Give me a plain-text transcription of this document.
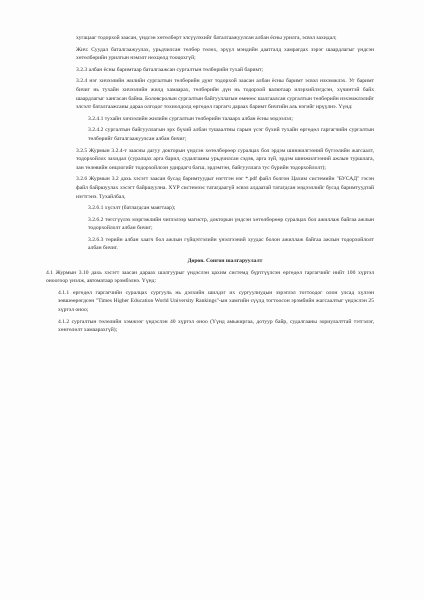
хугацааг тодорхой заасан, үндсэн хөтөлбөрт элсүүлэхийг баталгаажуулсан албан ёсны урилга, эсвэл захидал;

Жич: Суудал баталгаажуулах, урьдчилсан төлбөр төлөх, эрүүл мэндийн даатгалд хамрагдах зэрэг шаардлагыг үндсэн хөтөлбөрийн урилгын нэмэлт нөхцөлд тооцохгүй;

3.2.3 албан ёсны баримтаар баталгаажсан сургалтын төлбөрийн тухай баримт;

3.2.4 нэг хичээлийн жилийн сургалтын төлбөрийн дүнг тодорхой заасан албан ёсны баримт эсвэл нэхэмжлэх. Уг баримт бичиг нь тухайн хичээлийн жилд хамаарах, төлбөрийн дүн нь тодорхой валютаар илэрхийлэгдсэн, хүчинтэй байх шаардлагыг хангасан байна. Боловсролын сургалтын байгууллагын өмнөөс шалгаалсан сургалтын төлбөрийн нэхэмжлэлийг элсэлт баталгаажсаны дараа олгодог тохиолдолд өргөдөл гаргагч дараах баримт бичгийн аль нэгийг ирүүлнэ. Үүнд:

3.2.4.1 тухайн хичээлийн жилийн сургалтын төлбөрийн талаарх албан ёсны мэдээлэл;

3.2.4.2 сургалтын байгууллагын эрх бүхий албан тушаалтны гарын үсэг бүхий тухайн өргөдөл гаргагчийн сургалтын төлбөрийг баталгаажуулсан албан бичиг;

3.2.5 Журмын 3.2.4-т заасны дагуу докторын үндсэн хөтөлбөрөөр суралцах бол эрдэм шинжилгээний бүтээлийн жагсаалт, тодорхойлох захидал (суралцах арга барил, судалгааны урьдчилсан сэдэв, арга зүй, эрдэм шинжилгээний ажлын туршлага, зан төлөвийн онцлогийг тодорхойлсон удирдагч багш, эрдэмтэн, байгууллага тус бүрийн тодорхойлолт);

3.2.6 Журмын 3.2 дахь хэсэгт заасан бусад баримтуудыг нэгтгэн нэг *.pdf файл болгон Цахим системийн "БУСАД" гэсэн файл байршуулах хэсэгт байршуулна. ХҮР системээс татагдаагүй эсвэл алдаатай татагдсан мэдээллийг бусад баримтуудтай нэгтгэнэ. Тухайлбал,

3.2.6.1 хүсэлт (батлагдсан маягтаар);

3.2.6.2 төгсгүүлэх мэргэжлийн чиглэлээр магистр, докторын үндсэн хөтөлбөрөөр суралцах бол ажиллаж байгаа ажлын тодорхойлолт албан бичиг;

3.2.6.3 төрийн албан хаагч бол ажлын гүйцэтгэлийн үнэлгээний хуудас болон ажиллаж байгаа ажлын тодорхойлолт албан бичиг.

Дөрөв. Сонгон шалгаруулалт

4.1 Журмын 3.10 дахь хэсэгт заасан дараах шалгуурыг үндэслэн цахим системд бүртгүүлсэн өргөдөл гаргагчийг нийт 100 хүртэл оноогоор үнэлж, автоматаар эрэмбэлнэ. Үүнд:

4.1.1 өргөдөл гаргагчийн суралцах сургууль нь дэлхийн шилдэг их сургуулиудын зэрэглэл тогтоодог олон улсад хүлээн зөвшөөрөгдсөн "Times Higher Education World University Rankings"-ын хамгийн сүүлд тогтоосон эрэмбийн жагсаалтыг үндэслэн 25 хүртэл оноо;

4.1.2 сургалтын төлөлийн хэмжээг үндэслэн 40 хүртэл оноо (Үүнд амьжиргаа, дотуур байр, судалгааны зориулалттай тэтгэлэг, хөнгөлөлт хамаарахгүй);
